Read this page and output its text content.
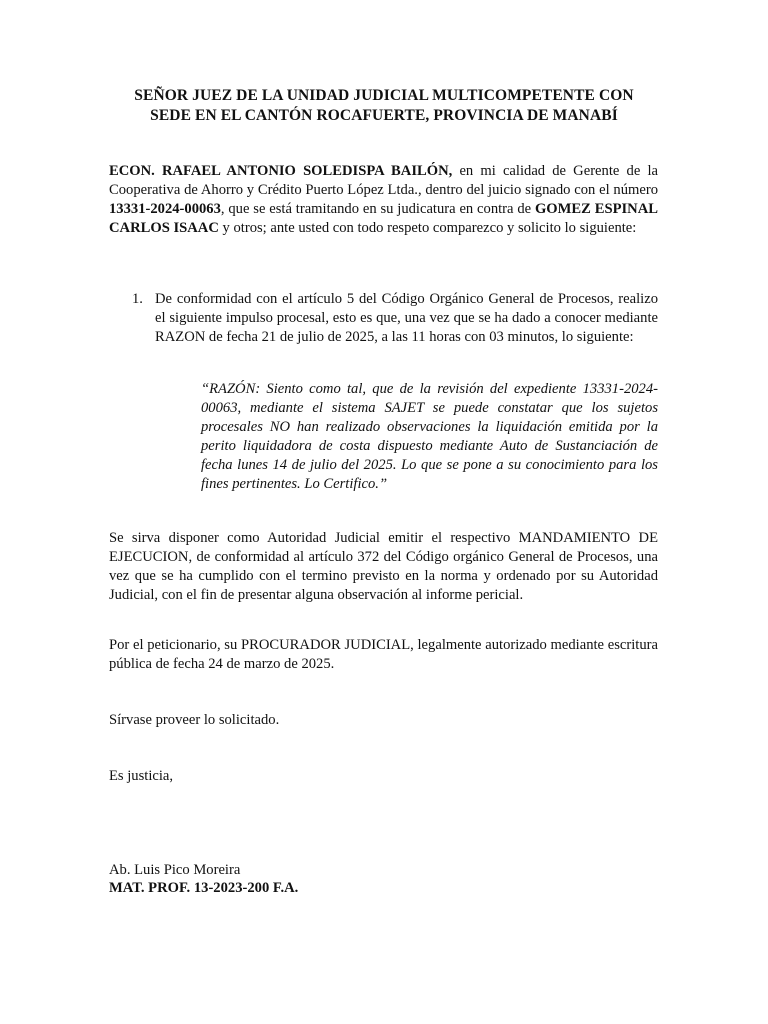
SEÑOR JUEZ DE LA UNIDAD JUDICIAL MULTICOMPETENTE CON
SEDE EN EL CANTÓN ROCAFUERTE, PROVINCIA DE MANABÍ
ECON. RAFAEL ANTONIO SOLEDISPA BAILÓN, en mi calidad de Gerente de la Cooperativa de Ahorro y Crédito Puerto López Ltda., dentro del juicio signado con el número 13331-2024-00063, que se está tramitando en su judicatura en contra de GOMEZ ESPINAL CARLOS ISAAC y otros; ante usted con todo respeto comparezco y solicito lo siguiente:
1. De conformidad con el artículo 5 del Código Orgánico General de Procesos, realizo el siguiente impulso procesal, esto es que, una vez que se ha dado a conocer mediante RAZON de fecha 21 de julio de 2025, a las 11 horas con 03 minutos, lo siguiente:
“RAZÓN: Siento como tal, que de la revisión del expediente 13331-2024-00063, mediante el sistema SAJET se puede constatar que los sujetos procesales NO han realizado observaciones la liquidación emitida por la perito liquidadora de costa dispuesto mediante Auto de Sustanciación de fecha lunes 14 de julio del 2025. Lo que se pone a su conocimiento para los fines pertinentes. Lo Certifico.”
Se sirva disponer como Autoridad Judicial emitir el respectivo MANDAMIENTO DE EJECUCION, de conformidad al artículo 372 del Código orgánico General de Procesos, una vez que se ha cumplido con el termino previsto en la norma y ordenado por su Autoridad Judicial, con el fin de presentar alguna observación al informe pericial.
Por el peticionario, su PROCURADOR JUDICIAL, legalmente autorizado mediante escritura pública de fecha 24 de marzo de 2025.
Sírvase proveer lo solicitado.
Es justicia,
Ab. Luis Pico Moreira
MAT. PROF. 13-2023-200 F.A.
